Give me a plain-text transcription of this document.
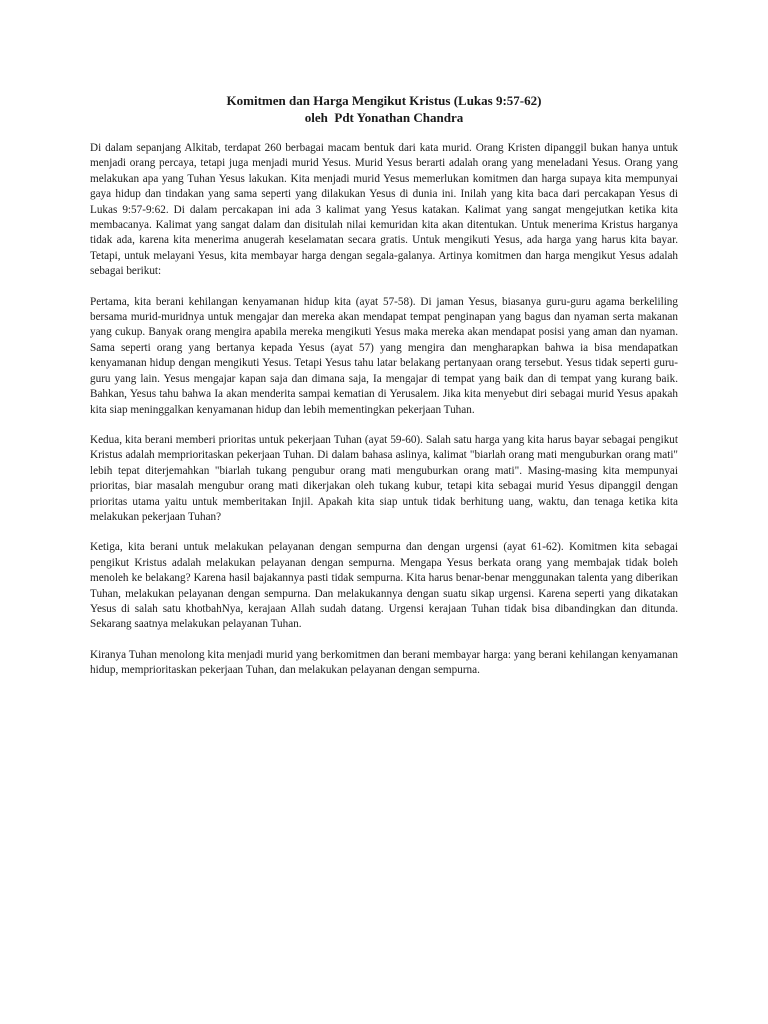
Komitmen dan Harga Mengikut Kristus (Lukas 9:57-62)
oleh  Pdt Yonathan Chandra

Di dalam sepanjang Alkitab, terdapat 260 berbagai macam bentuk dari kata murid. Orang Kristen dipanggil bukan hanya untuk menjadi orang percaya, tetapi juga menjadi murid Yesus. Murid Yesus berarti adalah orang yang meneladani Yesus. Orang yang melakukan apa yang Tuhan Yesus lakukan. Kita menjadi murid Yesus memerlukan komitmen dan harga supaya kita mempunyai gaya hidup dan tindakan yang sama seperti yang dilakukan Yesus di dunia ini. Inilah yang kita baca dari percakapan Yesus di Lukas 9:57-9:62. Di dalam percakapan ini ada 3 kalimat yang Yesus katakan. Kalimat yang sangat mengejutkan ketika kita membacanya. Kalimat yang sangat dalam dan disitulah nilai kemuridan kita akan ditentukan. Untuk menerima Kristus harganya tidak ada, karena kita menerima anugerah keselamatan secara gratis. Untuk mengikuti Yesus, ada harga yang harus kita bayar. Tetapi, untuk melayani Yesus, kita membayar harga dengan segala-galanya. Artinya komitmen dan harga mengikut Yesus adalah sebagai berikut:

Pertama, kita berani kehilangan kenyamanan hidup kita (ayat 57-58). Di jaman Yesus, biasanya guru-guru agama berkeliling bersama murid-muridnya untuk mengajar dan mereka akan mendapat tempat penginapan yang bagus dan nyaman serta makanan yang cukup. Banyak orang mengira apabila mereka mengikuti Yesus maka mereka akan mendapat posisi yang aman dan nyaman. Sama seperti orang yang bertanya kepada Yesus (ayat 57) yang mengira dan mengharapkan bahwa ia bisa mendapatkan kenyamanan hidup dengan mengikuti Yesus. Tetapi Yesus tahu latar belakang pertanyaan orang tersebut. Yesus tidak seperti guru-guru yang lain. Yesus mengajar kapan saja dan dimana saja, Ia mengajar di tempat yang baik dan di tempat yang kurang baik. Bahkan, Yesus tahu bahwa Ia akan menderita sampai kematian di Yerusalem. Jika kita menyebut diri sebagai murid Yesus apakah kita siap meninggalkan kenyamanan hidup dan lebih mementingkan pekerjaan Tuhan.

Kedua, kita berani memberi prioritas untuk pekerjaan Tuhan (ayat 59-60). Salah satu harga yang kita harus bayar sebagai pengikut Kristus adalah memprioritaskan pekerjaan Tuhan. Di dalam bahasa aslinya, kalimat "biarlah orang mati menguburkan orang mati" lebih tepat diterjemahkan "biarlah tukang pengubur orang mati menguburkan orang mati". Masing-masing kita mempunyai prioritas, biar masalah mengubur orang mati dikerjakan oleh tukang kubur, tetapi kita sebagai murid Yesus dipanggil dengan prioritas utama yaitu untuk memberitakan Injil. Apakah kita siap untuk tidak berhitung uang, waktu, dan tenaga ketika kita melakukan pekerjaan Tuhan?

Ketiga, kita berani untuk melakukan pelayanan dengan sempurna dan dengan urgensi (ayat 61-62). Komitmen kita sebagai pengikut Kristus adalah melakukan pelayanan dengan sempurna. Mengapa Yesus berkata orang yang membajak tidak boleh menoleh ke belakang? Karena hasil bajakannya pasti tidak sempurna. Kita harus benar-benar menggunakan talenta yang diberikan Tuhan, melakukan pelayanan dengan sempurna. Dan melakukannya dengan suatu sikap urgensi. Karena seperti yang dikatakan Yesus di salah satu khotbahNya, kerajaan Allah sudah datang. Urgensi kerajaan Tuhan tidak bisa dibandingkan dan ditunda. Sekarang saatnya melakukan pelayanan Tuhan.

Kiranya Tuhan menolong kita menjadi murid yang berkomitmen dan berani membayar harga: yang berani kehilangan kenyamanan hidup, memprioritaskan pekerjaan Tuhan, dan melakukan pelayanan dengan sempurna.
